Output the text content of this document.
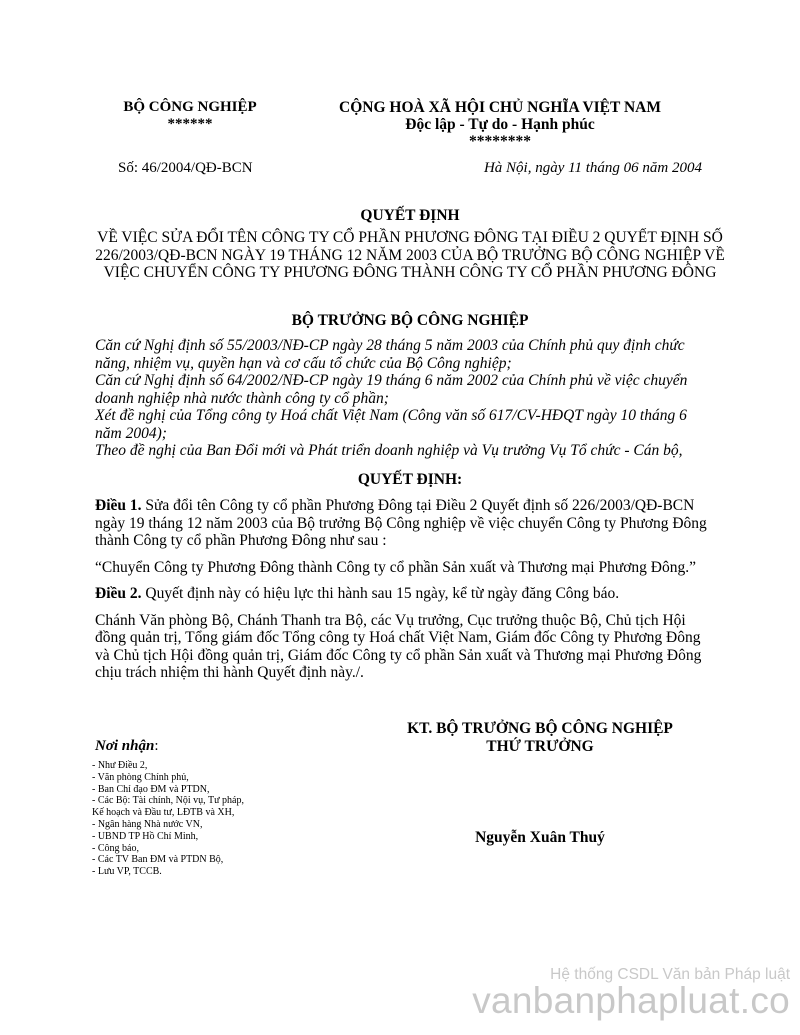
BỘ CÔNG NGHIỆP
******
CỘNG HOÀ XÃ HỘI CHỦ NGHĨA VIỆT NAM
Độc lập - Tự do - Hạnh phúc
********
Số: 46/2004/QĐ-BCN	Hà Nội, ngày 11 tháng 06 năm 2004
QUYẾT ĐỊNH
VỀ VIỆC SỬA ĐỔI TÊN CÔNG TY CỔ PHẦN PHƯƠNG ĐÔNG TẠI ĐIỀU 2 QUYẾT ĐỊNH SỐ 226/2003/QĐ-BCN NGÀY 19 THÁNG 12 NĂM 2003 CỦA BỘ TRƯỞNG BỘ CÔNG NGHIỆP VỀ VIỆC CHUYỂN CÔNG TY PHƯƠNG ĐÔNG THÀNH CÔNG TY CỔ PHẦN PHƯƠNG ĐÔNG
BỘ TRƯỞNG BỘ CÔNG NGHIỆP
Căn cứ Nghị định số 55/2003/NĐ-CP ngày 28 tháng 5 năm 2003 của Chính phủ quy định chức năng, nhiệm vụ, quyền hạn và cơ cấu tổ chức của Bộ Công nghiệp;
Căn cứ Nghị định số 64/2002/NĐ-CP ngày 19 tháng 6 năm 2002 của Chính phủ về việc chuyển doanh nghiệp nhà nước thành công ty cổ phần;
Xét đề nghị của Tổng công ty Hoá chất Việt Nam (Công văn số 617/CV-HĐQT ngày 10 tháng 6 năm 2004);
Theo đề nghị của Ban Đổi mới và Phát triển doanh nghiệp và Vụ trưởng Vụ Tổ chức - Cán bộ,
QUYẾT ĐỊNH:

Điều 1. Sửa đổi tên Công ty cổ phần Phương Đông tại Điều 2 Quyết định số 226/2003/QĐ-BCN ngày 19 tháng 12 năm 2003 của Bộ trưởng Bộ Công nghiệp về việc chuyển Công ty Phương Đông thành Công ty cổ phần Phương Đông như sau :

“Chuyển Công ty Phương Đông thành Công ty cổ phần Sản xuất và Thương mại Phương Đông.”

Điều 2. Quyết định này có hiệu lực thi hành sau 15 ngày, kể từ ngày đăng Công báo.

Chánh Văn phòng Bộ, Chánh Thanh tra Bộ, các Vụ trưởng, Cục trưởng thuộc Bộ, Chủ tịch Hội đồng quản trị, Tổng giám đốc Tổng công ty Hoá chất Việt Nam, Giám đốc Công ty Phương Đông và Chủ tịch Hội đồng quản trị, Giám đốc Công ty cổ phần Sản xuất và Thương mại Phương Đông chịu trách nhiệm thi hành Quyết định này./.

KT. BỘ TRƯỞNG BỘ CÔNG NGHIỆP
THỨ TRƯỞNG
Nguyễn Xuân Thuý
Nơi nhận:
- Như Điều 2,
- Văn phòng Chính phủ,
- Ban Chỉ đạo ĐM và PTDN,
- Các Bộ: Tài chính, Nội vụ, Tư pháp,
Kế hoạch và Đầu tư, LĐTB và XH,
- Ngân hàng Nhà nước VN,
- UBND TP Hồ Chí Minh,
- Công báo,
- Các TV Ban ĐM và PTDN Bộ,
- Lưu VP, TCCB.
Hệ thống CSDL Văn bản Pháp luật
vanbanphapluat.co
